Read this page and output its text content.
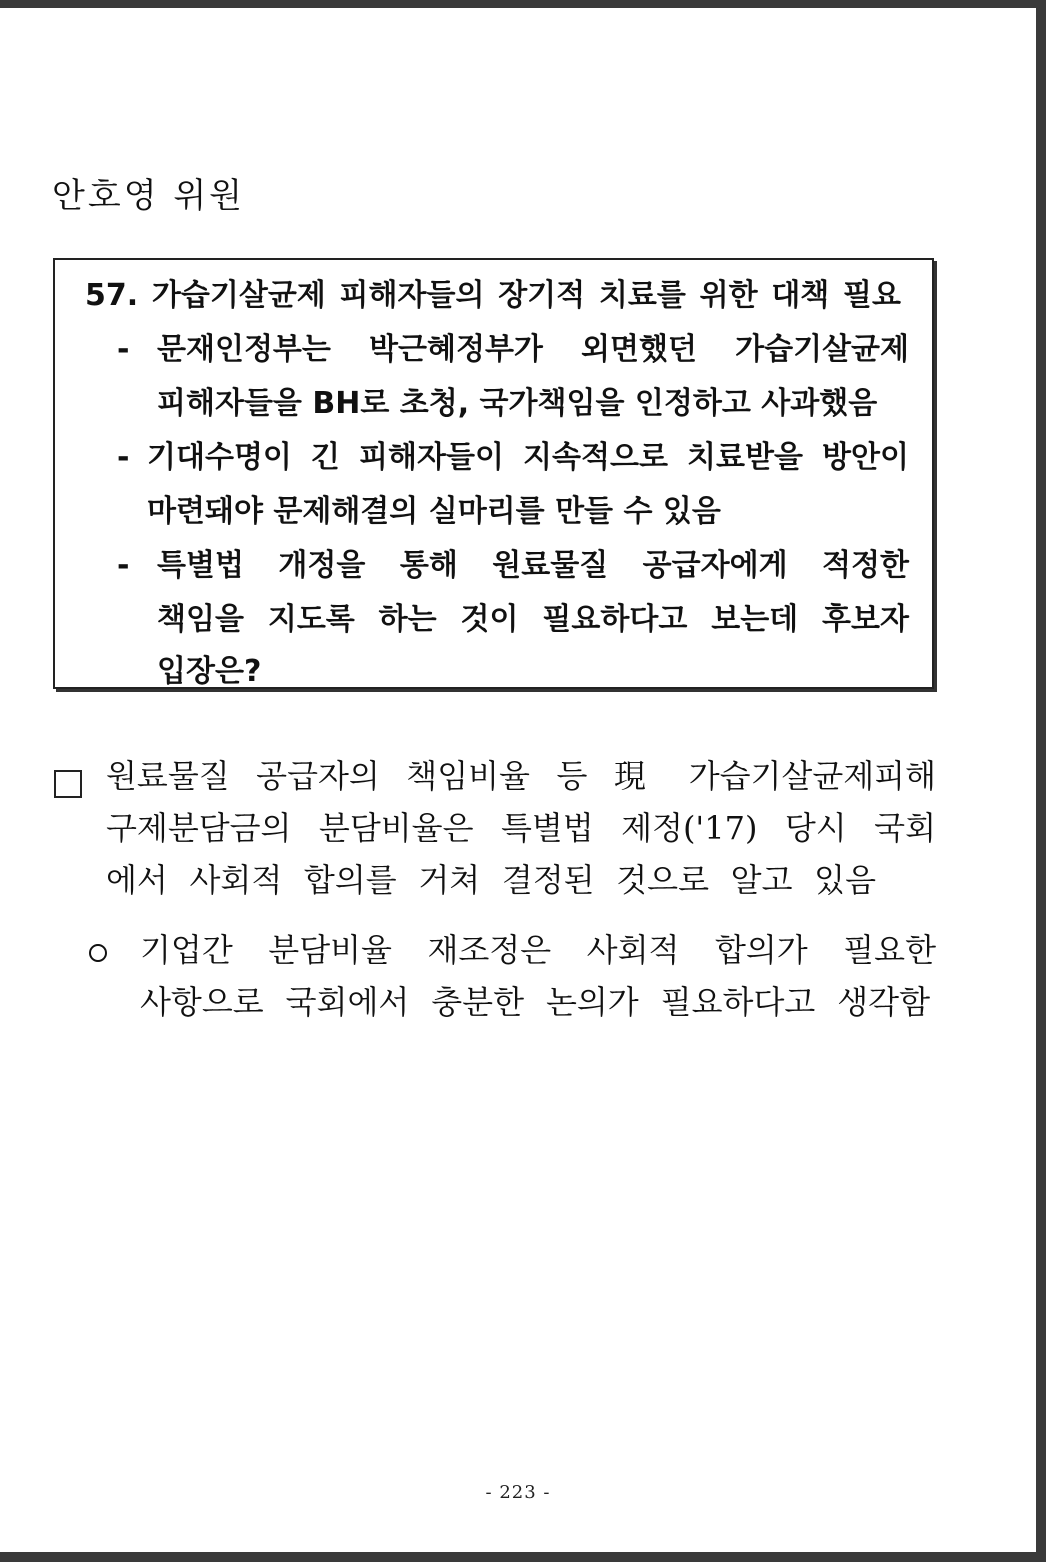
안호영 위원
57. 가습기살균제 피해자들의 장기적 치료를 위한 대책 필요
- 문재인정부는 박근혜정부가 외면했던 가습기살균제
피해자들을 BH로 초청, 국가책임을 인정하고 사과했음
- 기대수명이 긴 피해자들이 지속적으로 치료받을 방안이
마련돼야 문제해결의 실마리를 만들 수 있음
- 특별법 개정을 통해 원료물질 공급자에게 적정한
책임을 지도록 하는 것이 필요하다고 보는데 후보자
입장은?
원료물질 공급자의 책임비율 등 現 가습기살균제피해
구제분담금의 분담비율은 특별법 제정('17) 당시 국회
에서 사회적 합의를 거쳐 결정된 것으로 알고 있음
기업간 분담비율 재조정은 사회적 합의가 필요한
사항으로 국회에서 충분한 논의가 필요하다고 생각함
- 223 -
